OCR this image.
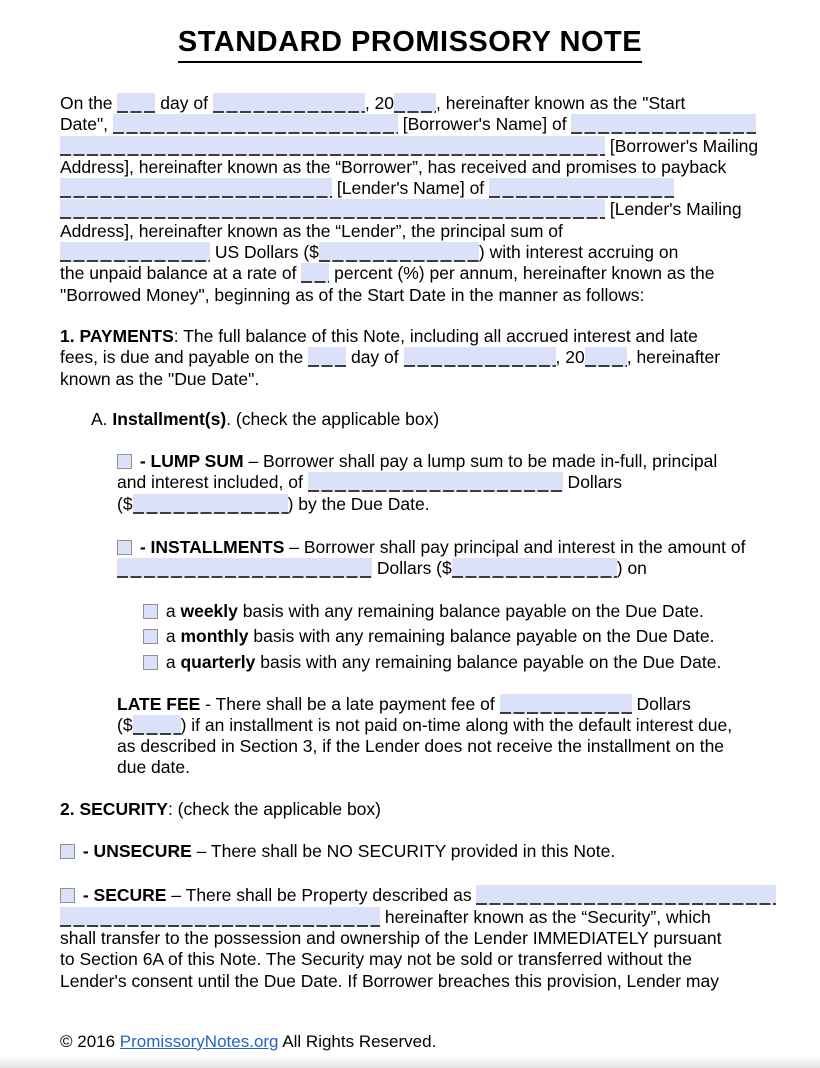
STANDARD PROMISSORY NOTE
On the  day of	, 20 , hereinafter known as the "Start
Date",	[Borrower's Name] of
[Borrower's Mailing
Address], hereinafter known as the “Borrower”, has received and promises to payback
[Lender's Name] of
[Lender's Mailing
Address], hereinafter known as the “Lender”, the principal sum of
US Dollars ($	) with interest accruing on
the unpaid balance at a rate of  percent (%) per annum, hereinafter known as the
"Borrowed Money", beginning as of the Start Date in the manner as follows:
1. PAYMENTS: The full balance of this Note, including all accrued interest and late
fees, is due and payable on the  day of	, 20 , hereinafter
known as the "Due Date".
A. Installment(s). (check the applicable box)
- LUMP SUM – Borrower shall pay a lump sum to be made in-full, principal
and interest included, of	Dollars
($	) by the Due Date.
- INSTALLMENTS – Borrower shall pay principal and interest in the amount of
Dollars ($	) on
a weekly basis with any remaining balance payable on the Due Date.
a monthly basis with any remaining balance payable on the Due Date.
a quarterly basis with any remaining balance payable on the Due Date.
LATE FEE - There shall be a late payment fee of	Dollars
($	) if an installment is not paid on-time along with the default interest due,
as described in Section 3, if the Lender does not receive the installment on the
due date.
2. SECURITY: (check the applicable box)
- UNSECURE – There shall be NO SECURITY provided in this Note.
- SECURE – There shall be Property described as
hereinafter known as the “Security”, which
shall transfer to the possession and ownership of the Lender IMMEDIATELY pursuant
to Section 6A of this Note. The Security may not be sold or transferred without the
Lender's consent until the Due Date. If Borrower breaches this provision, Lender may
© 2016 PromissoryNotes.org All Rights Reserved.
